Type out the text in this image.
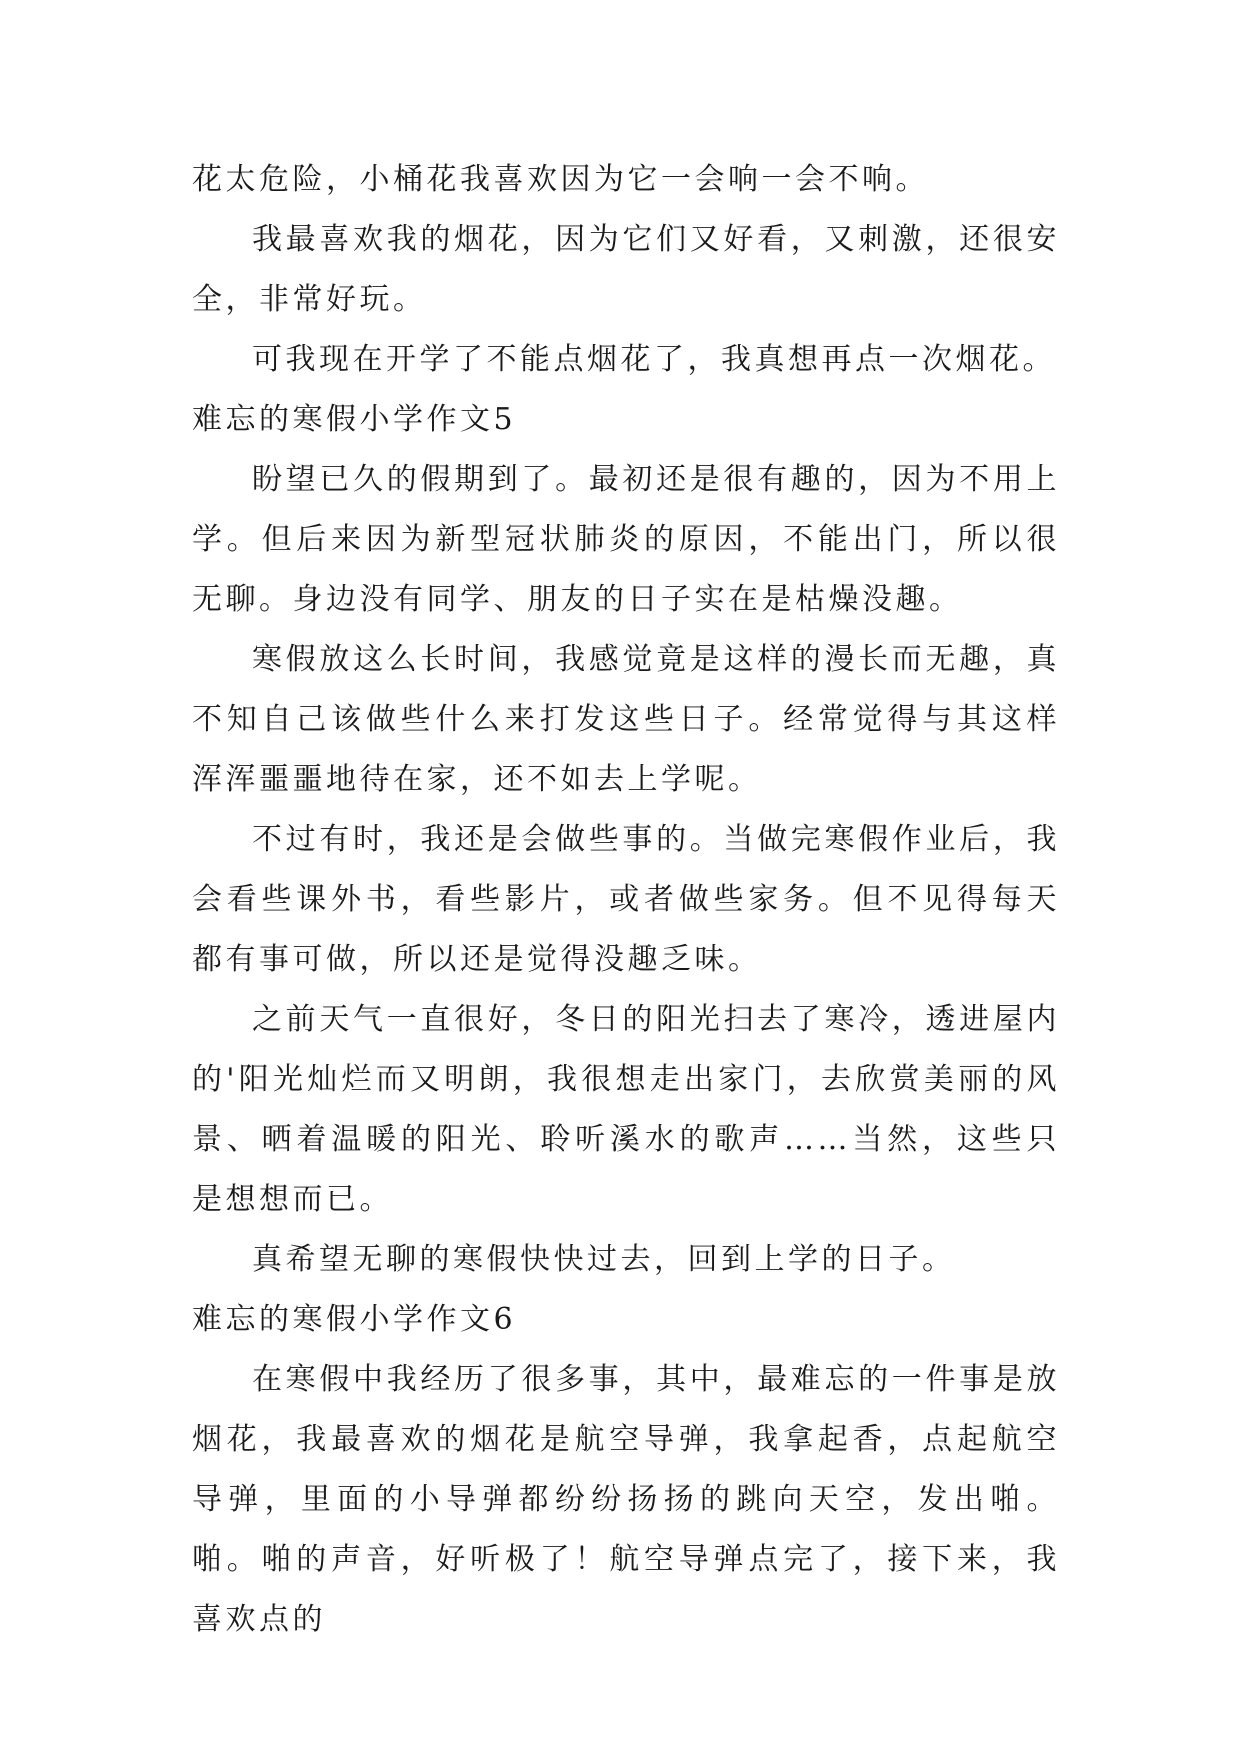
花太危险，小桶花我喜欢因为它一会响一会不响。

我最喜欢我的烟花，因为它们又好看，又刺激，还很安全，非常好玩。

可我现在开学了不能点烟花了，我真想再点一次烟花。

难忘的寒假小学作文5

盼望已久的假期到了。最初还是很有趣的，因为不用上学。但后来因为新型冠状肺炎的原因，不能出门，所以很无聊。身边没有同学、朋友的日子实在是枯燥没趣。

寒假放这么长时间，我感觉竟是这样的漫长而无趣，真不知自己该做些什么来打发这些日子。经常觉得与其这样浑浑噩噩地待在家，还不如去上学呢。

不过有时，我还是会做些事的。当做完寒假作业后，我会看些课外书，看些影片，或者做些家务。但不见得每天都有事可做，所以还是觉得没趣乏味。

之前天气一直很好，冬日的阳光扫去了寒冷，透进屋内的'阳光灿烂而又明朗，我很想走出家门，去欣赏美丽的风景、晒着温暖的阳光、聆听溪水的歌声……当然，这些只是想想而已。

真希望无聊的寒假快快过去，回到上学的日子。

难忘的寒假小学作文6

在寒假中我经历了很多事，其中，最难忘的一件事是放烟花，我最喜欢的烟花是航空导弹，我拿起香，点起航空导弹，里面的小导弹都纷纷扬扬的跳向天空，发出啪。啪。啪的声音，好听极了！航空导弹点完了，接下来，我喜欢点的
